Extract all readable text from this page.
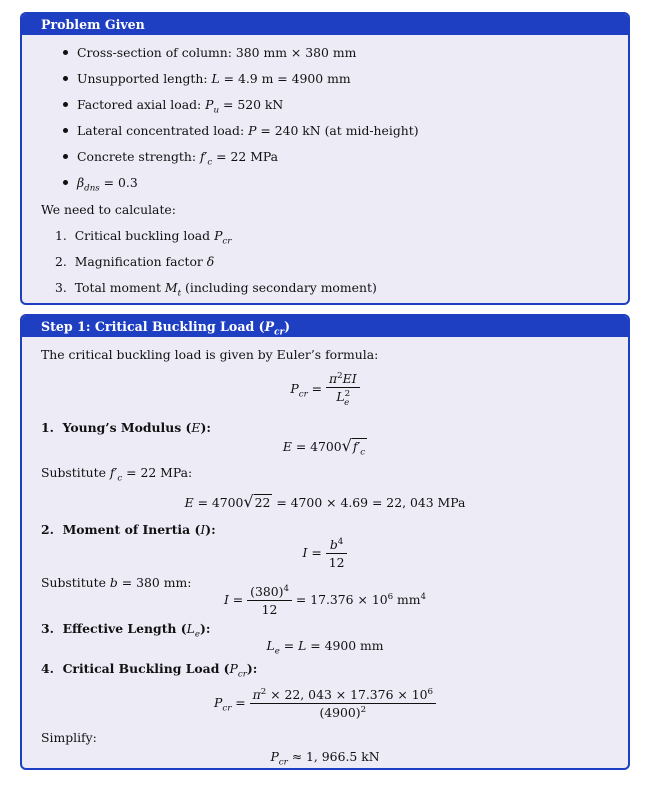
Problem Given
Cross-section of column: 380 mm × 380 mm
Unsupported length: L = 4.9 m = 4900 mm
Factored axial load: $P_u = 520$ kN
Lateral concentrated load: P = 240 kN (at mid-height)
Concrete strength: $f'_c = 22$ MPa
$\beta_{dns} = 0.3$
We need to calculate:
1.  Critical buckling load $P_{cr}$
2.  Magnification factor δ
3.  Total moment $M_t$ (including secondary moment)
Step 1: Critical Buckling Load $(P_{cr})$
The critical buckling load is given by Euler’s formula:
$P_{cr} = \frac{\pi^2EI}{L^2_e}$
1.  Young’s Modulus (E):
$E = 4700√f'_c$
Substitute $f'_c = 22$ MPa:
E = 4700√22 = 4700 × 4.69 = 22, 043 MPa
2.  Moment of Inertia (I):
$I = \frac{b^4}{12}$
Substitute b = 380 mm:
$I = \frac{(380)^4}{12} = 17.376 \times 10^6$ $mm^4$
3.  Effective Length $(L_e)$:
$L_e = L = 4900$ mm
4.  Critical Buckling Load $(P_{cr})$:
$P_{cr} = \frac{\pi^2 \times 22, 043 \times 17.376 \times 10^6}{(4900)^2}$
Simplify:
$P_{cr} \approx 1$, 966.5 kN
